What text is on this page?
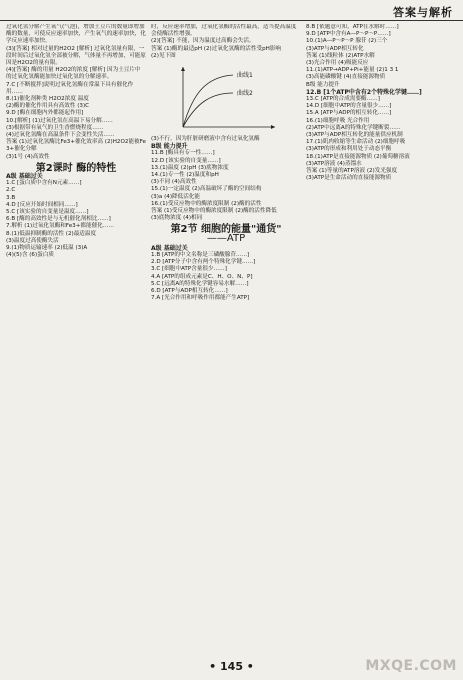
答案与解析

过氧化氢分解产生氧气(气泡)，增加土豆片的数量即增加酶的数量，可使反应速率加快，产生氧气的速率加快，化学反应速率加快。

(3)[答案] 相对过量的H2O2 [解析] 过氧化氢量有限，一段时间后过氧化氢全部被分解，气体量不再增加，可能原因是H2O2的量有限。

(4)[答案] 酶的用量 H2O2的浓度 [解析] 因为土豆片中的过氧化氢酶能加快过氧化氢的分解速率。

7.C [不断搅拌]说明过氧化氢酶在常温下具有催化作用……

8.(1)催化剂种类 H2O2浓度 温度

(2)酶的催化作用具有高效性 (3)C

9.D [酶在细胞内外都能起作用]

10.[解析] (1)过氧化氢在高温下易分解……

(3)根据带有氧气的卫生香燃烧程度……

(4)过氧化氢酶在高温条件下会变性失活……

答案 (1)过氧化氢酶比Fe3+催化效率高 (2)H2O2能被Fe3+催化分解

(3)1号 (4)高效性

第2课时 酶的特性

A级 基础过关

1.C [蛋白质中含有N元素……]

2.C

3.B

4.D [反应开始时间相同……]

5.C [该实验的自变量是温度……]

6.B [酶的高效性是与无机催化剂相比……]

7.解析 (1)过氧化氢酶和Fe3+都能催化……

8.(1)低温抑制酶的活性 (2)最适温度

(3)温度过高使酶失活

9.(1)物质运输速率 (2)低温 (3)A

(4)(5)含 (6)蛋白质

时，反应速率增加，过氧化氢酶的活性最高，适当提高温度会使酶活性增强。

(2)[答案] 不能，因为温度过高酶会失活。

答案 (1)酶的最适pH (2)过氧化氢酶的活性受pH影响

(2)见下图

曲线1
曲线2

(3)不行，因为肝脏研磨液中含有过氧化氢酶

B级 能力提升

11.B [酶具有专一性……]

12.D [该实验的自变量……]

13.(1)温度 (2)pH (3)底物浓度

14.(1)专一性 (2)温度和pH

(3)不同 (4)高效性

15.(1)一定温度 (2)高温破坏了酶的空间结构

(3)a (4)降低活化能

16.(1)受反应物中的酶浓度限制 (2)酶的活性

答案 (1)受反应物中的酶浓度限制 (2)酶的活性降低

(3)底物浓度 (4)相同

第2节 细胞的能量"通货"
——ATP

A级 基础过关

1.B [ATP的中文名称是三磷酸腺苷……]

2.D [ATP分子中含有两个特殊化学键……]

3.C [细胞中ATP含量很少……]

4.A [ATP的组成元素是C、H、O、N、P]

5.C [远离A的特殊化学键容易水解……]

6.D [ATP与ADP相互转化……]

7.A [光合作用和呼吸作用都能产生ATP]

8.B [依题意可知，ATP在水解时……]

9.D [ATP中含有A—P～P～P……]

10.(1)A—P～P～P 腺苷 (2)三个

(3)ATP与ADP相互转化

答案 (1)线粒体 (2)ATP水解

(3)光合作用 (4)吸能反应

11.(1)ATP→ADP+Pi+能量 (2)1 3 1

(3)高能磷酸键 (4)直接能源物质

B级 能力提升

12.B [1个ATP中含有2个特殊化学键……]

13.C [ATP的合成需要酶……]

14.D [细胞中ATP的含量很少……]

15.A [ATP与ADP的相互转化……]

16.(1)细胞呼吸 光合作用

(2)ATP中远离A的特殊化学键断裂……

(3)ATP与ADP相互转化的能量供应机制

17.(1)肌肉收缩等生命活动 (2)细胞呼吸

(3)ATP的形成和利用处于动态平衡

18.(1)ATP是直接能源物质 (2)葡萄糖溶液

(3)ATP溶液 (4)蒸馏水

答案 (1)等量的ATP溶液 (2)发光强度

(3)ATP是生命活动的直接能源物质

• 145 •	MXQE.COM
